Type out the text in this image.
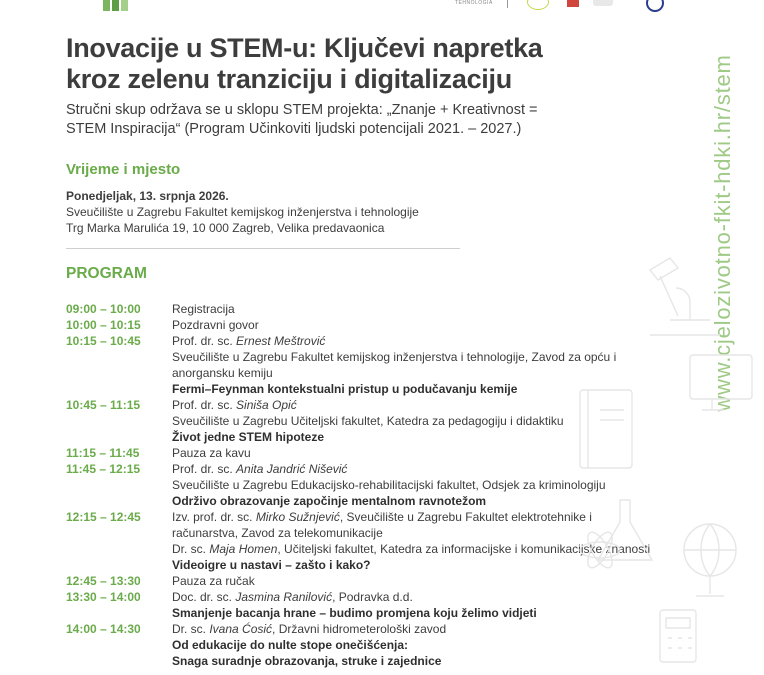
TEHNOLOGIA
Inovacije u STEM-u: Ključevi napretka
kroz zelenu tranziciju i digitalizaciju

Stručni skup održava se u sklopu STEM projekta: „Znanje + Kreativnost =
STEM Inspiracija“ (Program Učinkoviti ljudski potencijali 2021. – 2027.)

Vrijeme i mjesto
Ponedjeljak, 13. srpnja 2026.
Sveučilište u Zagrebu Fakultet kemijskog inženjerstva i tehnologije
Trg Marka Marulića 19, 10 000 Zagreb, Velika predavaonica
PROGRAM
09:00 – 10:00	Registracija
10:00 – 10:15	Pozdravni govor
10:15 – 10:45	Prof. dr. sc. Ernest Meštrović
Sveučilište u Zagrebu Fakultet kemijskog inženjerstva i tehnologije, Zavod za opću i
anorgansku kemiju
Fermi–Feynman kontekstualni pristup u podučavanju kemije
10:45 – 11:15	Prof. dr. sc. Siniša Opić
Sveučilište u Zagrebu Učiteljski fakultet, Katedra za pedagogiju i didaktiku
Život jedne STEM hipoteze
11:15 – 11:45	Pauza za kavu
11:45 – 12:15	Prof. dr. sc. Anita Jandrić Nišević
Sveučilište u Zagrebu Edukacijsko-rehabilitacijski fakultet, Odsjek za kriminologiju
Održivo obrazovanje započinje mentalnom ravnotežom
12:15 – 12:45	Izv. prof. dr. sc. Mirko Sužnjević, Sveučilište u Zagrebu Fakultet elektrotehnike i
računarstva, Zavod za telekomunikacije
Dr. sc. Maja Homen, Učiteljski fakultet, Katedra za informacijske i komunikacijske znanosti
Videoigre u nastavi – zašto i kako?
12:45 – 13:30	Pauza za ručak
13:30 – 14:00	Doc. dr. sc. Jasmina Ranilović, Podravka d.d.
Smanjenje bacanja hrane – budimo promjena koju želimo vidjeti
14:00 – 14:30	Dr. sc. Ivana Ćosić, Državni hidrometerološki zavod
Od edukacije do nulte stope onečišćenja:
Snaga suradnje obrazovanja, struke i zajednice
www.cjelozivotno-fkit-hdki.hr/stem
